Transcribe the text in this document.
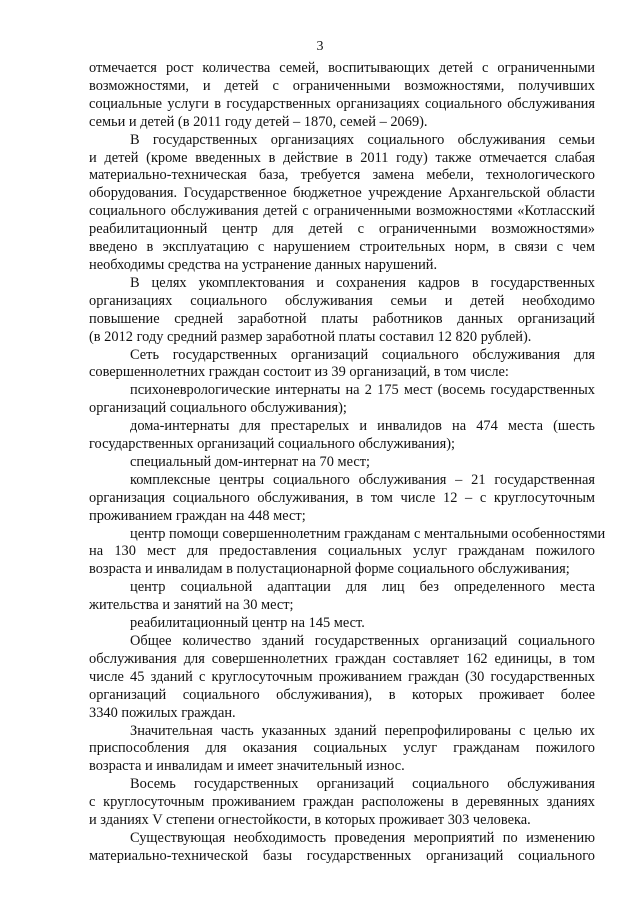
3
отмечается рост количества семей, воспитывающих детей с ограниченными
возможностями, и детей с ограниченными возможностями, получивших
социальные услуги в государственных организациях социального обслуживания
семьи и детей (в 2011 году детей – 1870, семей – 2069).
В государственных организациях социального обслуживания семьи
и детей (кроме введенных в действие в 2011 году) также отмечается слабая
материально-техническая база, требуется замена мебели, технологического
оборудования. Государственное бюджетное учреждение Архангельской области
социального обслуживания детей с ограниченными возможностями «Котласский
реабилитационный центр для детей с ограниченными возможностями»
введено в эксплуатацию с нарушением строительных норм, в связи с чем
необходимы средства на устранение данных нарушений.
В целях укомплектования и сохранения кадров в государственных
организациях социального обслуживания семьи и детей необходимо
повышение средней заработной платы работников данных организаций
(в 2012 году средний размер заработной платы составил 12 820 рублей).
Сеть государственных организаций социального обслуживания для
совершеннолетних граждан состоит из 39 организаций, в том числе:
психоневрологические интернаты на 2 175 мест (восемь государственных
организаций социального обслуживания);
дома-интернаты для престарелых и инвалидов на 474 места (шесть
государственных организаций социального обслуживания);
специальный дом-интернат на 70 мест;
комплексные центры социального обслуживания – 21 государственная
организация социального обслуживания, в том числе 12 – с круглосуточным
проживанием граждан на 448 мест;
центр помощи совершеннолетним гражданам с ментальными особенностями
на 130 мест для предоставления социальных услуг гражданам пожилого
возраста и инвалидам в полустационарной форме социального обслуживания;
центр социальной адаптации для лиц без определенного места
жительства и занятий на 30 мест;
реабилитационный центр на 145 мест.
Общее количество зданий государственных организаций социального
обслуживания для совершеннолетних граждан составляет 162 единицы, в том
числе 45 зданий с круглосуточным проживанием граждан (30 государственных
организаций социального обслуживания), в которых проживает более
3340 пожилых граждан.
Значительная часть указанных зданий перепрофилированы с целью их
приспособления для оказания социальных услуг гражданам пожилого
возраста и инвалидам и имеет значительный износ.
Восемь государственных организаций социального обслуживания
с круглосуточным проживанием граждан расположены в деревянных зданиях
и зданиях V степени огнестойкости, в которых проживает 303 человека.
Существующая необходимость проведения мероприятий по изменению
материально-технической базы государственных организаций социального
